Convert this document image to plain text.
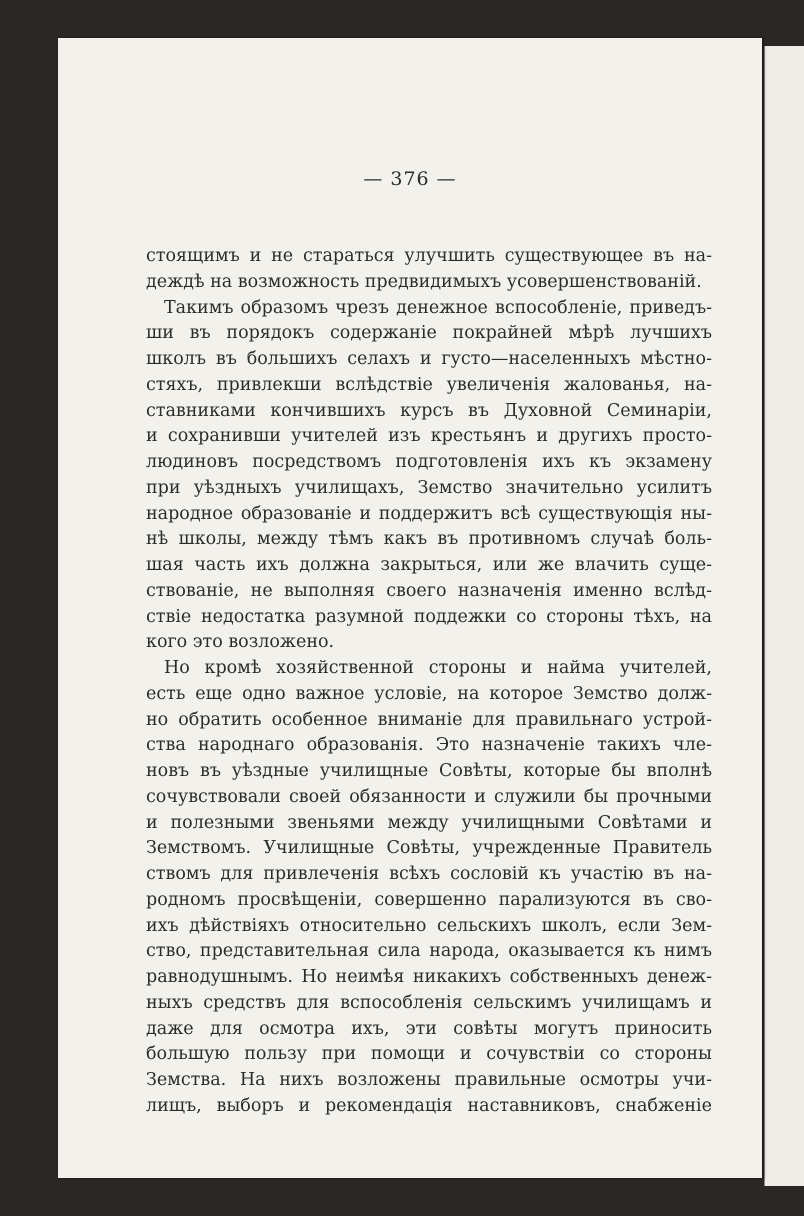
— 376 —
стоящимъ и не стараться улучшить существующее въ на-
деждѣ на возможность предвидимыхъ усовершенствованій.
Такимъ образомъ чрезъ денежное вспособленіе, приведъ-
ши въ порядокъ содержаніе покрайней мѣрѣ лучшихъ
школъ въ большихъ селахъ и густо—населенныхъ мѣстно-
стяхъ, привлекши вслѣдствіе увеличенія жалованья, на-
ставниками кончившихъ курсъ въ Духовной Семинаріи,
и сохранивши учителей изъ крестьянъ и другихъ просто-
людиновъ посредствомъ подготовленія ихъ къ экзамену
при уѣздныхъ училищахъ, Земство значительно усилитъ
народное образованіе и поддержитъ всѣ существующія ны-
нѣ школы, между тѣмъ какъ въ противномъ случаѣ боль-
шая часть ихъ должна закрыться, или же влачить суще-
ствованіе, не выполняя своего назначенія именно вслѣд-
ствіе недостатка разумной поддежки со стороны тѣхъ, на
кого это возложено.
Но кромѣ хозяйственной стороны и найма учителей,
есть еще одно важное условіе, на которое Земство долж-
но обратить особенное вниманіе для правильнаго устрой-
ства народнаго образованія. Это назначеніе такихъ чле-
новъ въ уѣздные училищные Совѣты, которые бы вполнѣ
сочувствовали своей обязанности и служили бы прочными
и полезными звеньями между училищными Совѣтами и
Земствомъ. Училищные Совѣты, учрежденные Правитель
ствомъ для привлеченія всѣхъ сословій къ участію въ на-
родномъ просвѣщеніи, совершенно парализуются въ сво-
ихъ дѣйствіяхъ относительно сельскихъ школъ, если Зем-
ство, представительная сила народа, оказывается къ нимъ
равнодушнымъ. Но неимѣя никакихъ собственныхъ денеж-
ныхъ средствъ для вспособленія сельскимъ училищамъ и
даже для осмотра ихъ, эти совѣты могутъ приносить
большую пользу при помощи и сочувствіи со стороны
Земства. На нихъ возложены правильные осмотры учи-
лищъ, выборъ и рекомендація наставниковъ, снабженіе
